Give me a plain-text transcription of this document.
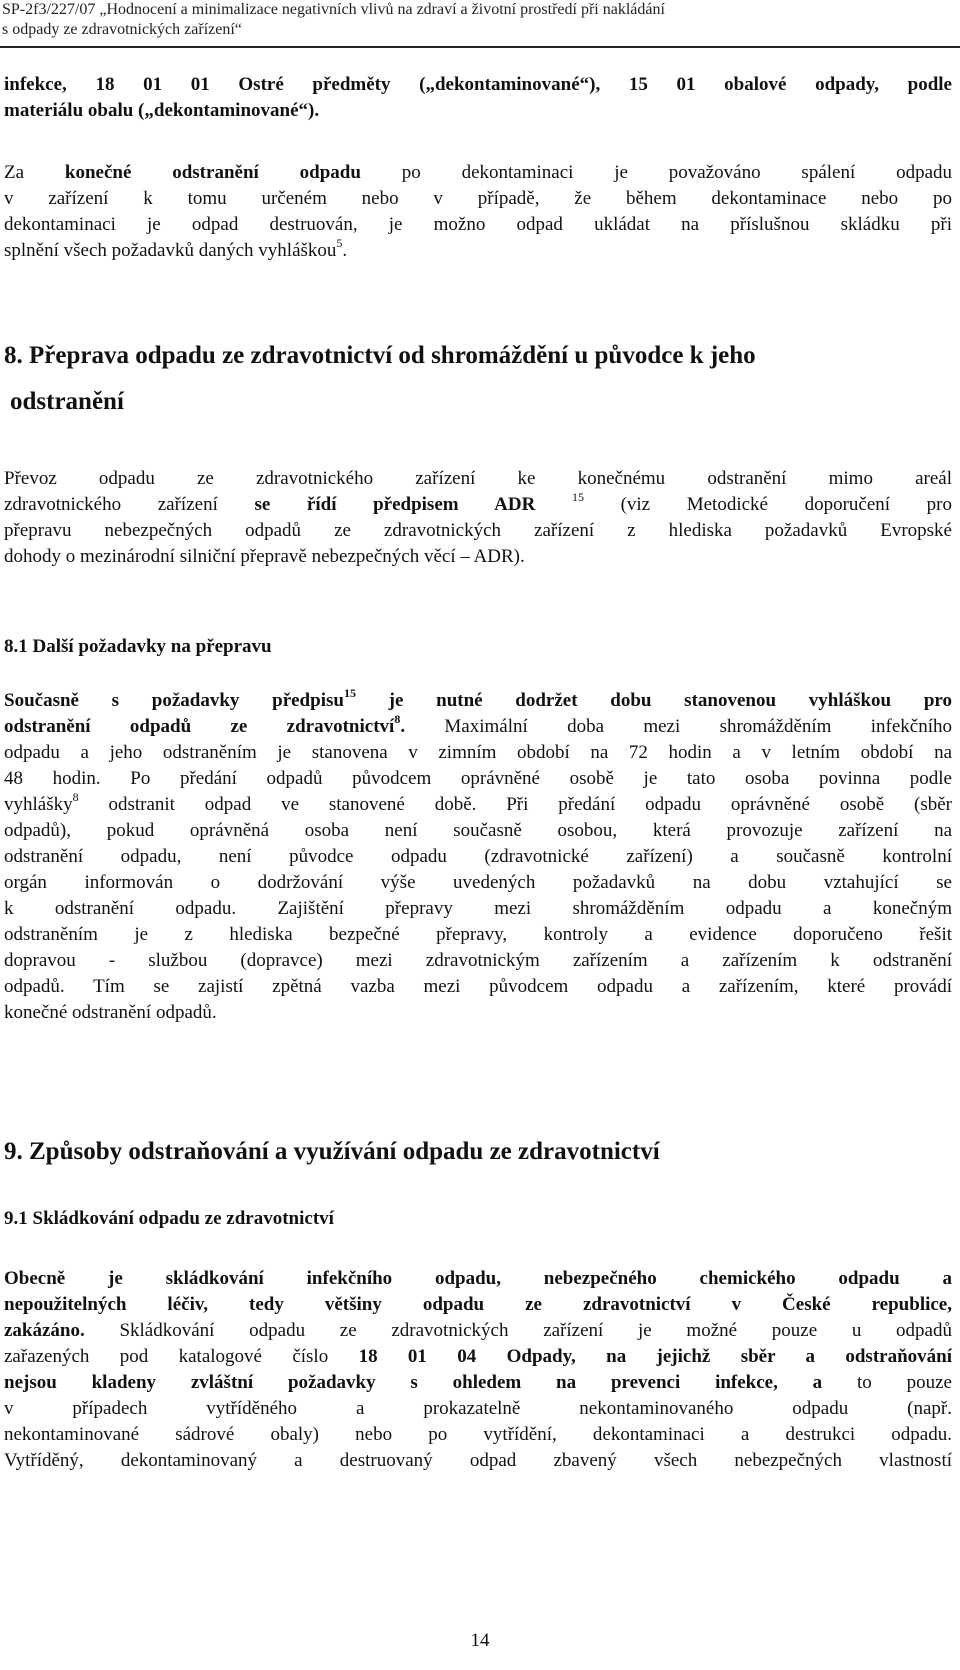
SP-2f3/227/07 „Hodnocení a minimalizace negativních vlivů na zdraví a životní prostředí při nakládání
s odpady ze zdravotnických zařízení“
infekce, 18 01 01 Ostré předměty („dekontaminované“), 15 01 obalové odpady, podle
materiálu obalu („dekontaminované“).
Za konečné odstranění odpadu po dekontaminaci je považováno spálení odpadu
v zařízení k tomu určeném nebo v případě, že během dekontaminace nebo po
dekontaminaci je odpad destruován, je možno odpad ukládat na příslušnou skládku při
splnění všech požadavků daných vyhláškou$^5$.
8. Přeprava odpadu ze zdravotnictví od shromáždění u původce k jeho
odstranění
Převoz odpadu ze zdravotnického zařízení ke konečnému odstranění mimo areál
zdravotnického zařízení se řídí předpisem ADR	$^{15}$ (viz Metodické doporučení pro
přepravu nebezpečných odpadů ze zdravotnických zařízení z hlediska požadavků Evropské
dohody o mezinárodní silniční přepravě nebezpečných věcí – ADR).
8.1 Další požadavky na přepravu
Současně s požadavky předpisu$^{15}$ je nutné dodržet dobu stanovenou vyhláškou pro
odstranění odpadů ze zdravotnictví$^8$. Maximální doba mezi shromážděním infekčního
odpadu a jeho odstraněním je stanovena v zimním období na 72 hodin a v letním období na
48 hodin. Po předání odpadů původcem oprávněné osobě je tato osoba povinna podle
vyhlášky$^8$ odstranit odpad ve stanovené době. Při předání odpadu oprávněné osobě (sběr
odpadů), pokud oprávněná osoba není současně osobou, která provozuje zařízení na
odstranění odpadu, není původce odpadu (zdravotnické zařízení) a současně kontrolní
orgán informován o dodržování výše uvedených požadavků na dobu vztahující se
k odstranění odpadu. Zajištění přepravy mezi shromážděním odpadu a konečným
odstraněním je z hlediska bezpečné přepravy, kontroly a evidence doporučeno řešit
dopravou - službou (dopravce) mezi zdravotnickým zařízením a zařízením k odstranění
odpadů. Tím se zajistí zpětná vazba mezi původcem odpadu a zařízením, které provádí
konečné odstranění odpadů.
9. Způsoby odstraňování a využívání odpadu ze zdravotnictví
9.1 Skládkování odpadu ze zdravotnictví
Obecně je skládkování infekčního odpadu, nebezpečného chemického odpadu a
nepoužitelných léčiv, tedy většiny odpadu ze zdravotnictví v České republice,
zakázáno. Skládkování odpadu ze zdravotnických zařízení je možné pouze u odpadů
zařazených pod katalogové číslo 18 01 04 Odpady, na jejichž sběr a odstraňování
nejsou kladeny zvláštní požadavky s ohledem na prevenci infekce, a to pouze
v případech vytříděného a prokazatelně nekontaminovaného odpadu (např.
nekontaminované sádrové obaly) nebo po vytřídění, dekontaminaci a destrukci odpadu.
Vytříděný, dekontaminovaný a destruovaný odpad zbavený všech nebezpečných vlastností
14
